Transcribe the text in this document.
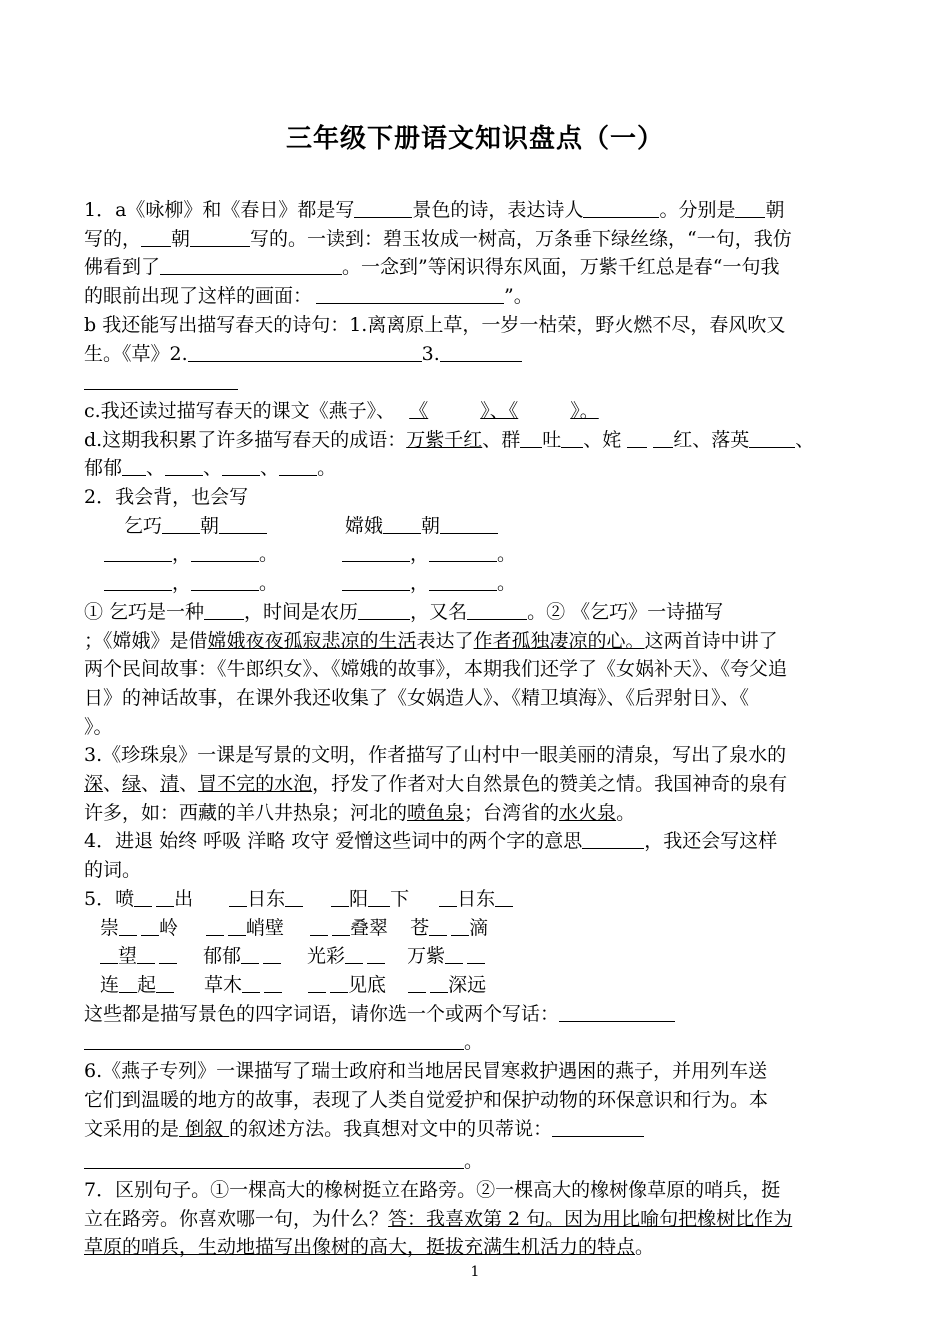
三年级下册语文知识盘点（一）

1．a《咏柳》和《春日》都是写	景色的诗，表达诗人	。分别是 朝

写的， 朝	写的。一读到：碧玉妆成一树高，万条垂下绿丝绦，“一句，我仿

佛看到了	。一念到”等闲识得东风面，万紫千红总是春“一句我

的眼前出现了这样的画面：	”。

b 我还能写出描写春天的诗句：1.离离原上草，一岁一枯荣，野火燃不尽，春风吹又

生。《草》2.	3.

c.我还读过描写春天的课文《燕子》、 《	》、《	》。

d.这期我积累了许多描写春天的成语：万紫千红、群 吐 、姹	红、落英 、

郁郁 、 、 、 。

2．我会背，也会写

乞巧 朝	嫦娥 朝

，	。	，	。

，	。	，	。

① 乞巧是一种 ，时间是农历	，又名	。② 《乞巧》一诗描写

；《嫦娥》是借嫦娥夜夜孤寂悲凉的生活表达了作者孤独凄凉的心。这两首诗中讲了

两个民间故事：《牛郎织女》、《嫦娥的故事》，本期我们还学了《女娲补天》、《夸父追

日》的神话故事，在课外我还收集了《女娲造人》、《精卫填海》、《后羿射日》、《

》。

3.《珍珠泉》一课是写景的文明，作者描写了山村中一眼美丽的清泉，写出了泉水的

深、绿、清、冒不完的水泡，抒发了作者对大自然景色的赞美之情。我国神奇的泉有

许多，如：西藏的羊八井热泉；河北的喷鱼泉；台湾省的水火泉。

4．进退 始终 呼吸 洋略 攻守 爱憎这些词中的两个字的意思	，我还会写这样

的词。

5．喷 出	日东	阳 下	日东

崇 岭	峭壁	叠翠 苍 滴

望	郁郁	光彩	万紫

连 起	草木	见底	深远

这些都是描写景色的四字词语，请你选一个或两个写话：

。

6.《燕子专列》一课描写了瑞士政府和当地居民冒寒救护遇困的燕子，并用列车送

它们到温暖的地方的故事，表现了人类自觉爱护和保护动物的环保意识和行为。本

文采用的是 倒叙 的叙述方法。我真想对文中的贝蒂说：

。

7．区别句子。①一棵高大的橡树挺立在路旁。②一棵高大的橡树像草原的哨兵，挺

立在路旁。你喜欢哪一句，为什么？答：我喜欢第 2 句。因为用比喻句把橡树比作为

草原的哨兵，生动地描写出像树的高大，挺拔充满生机活力的特点。

1
